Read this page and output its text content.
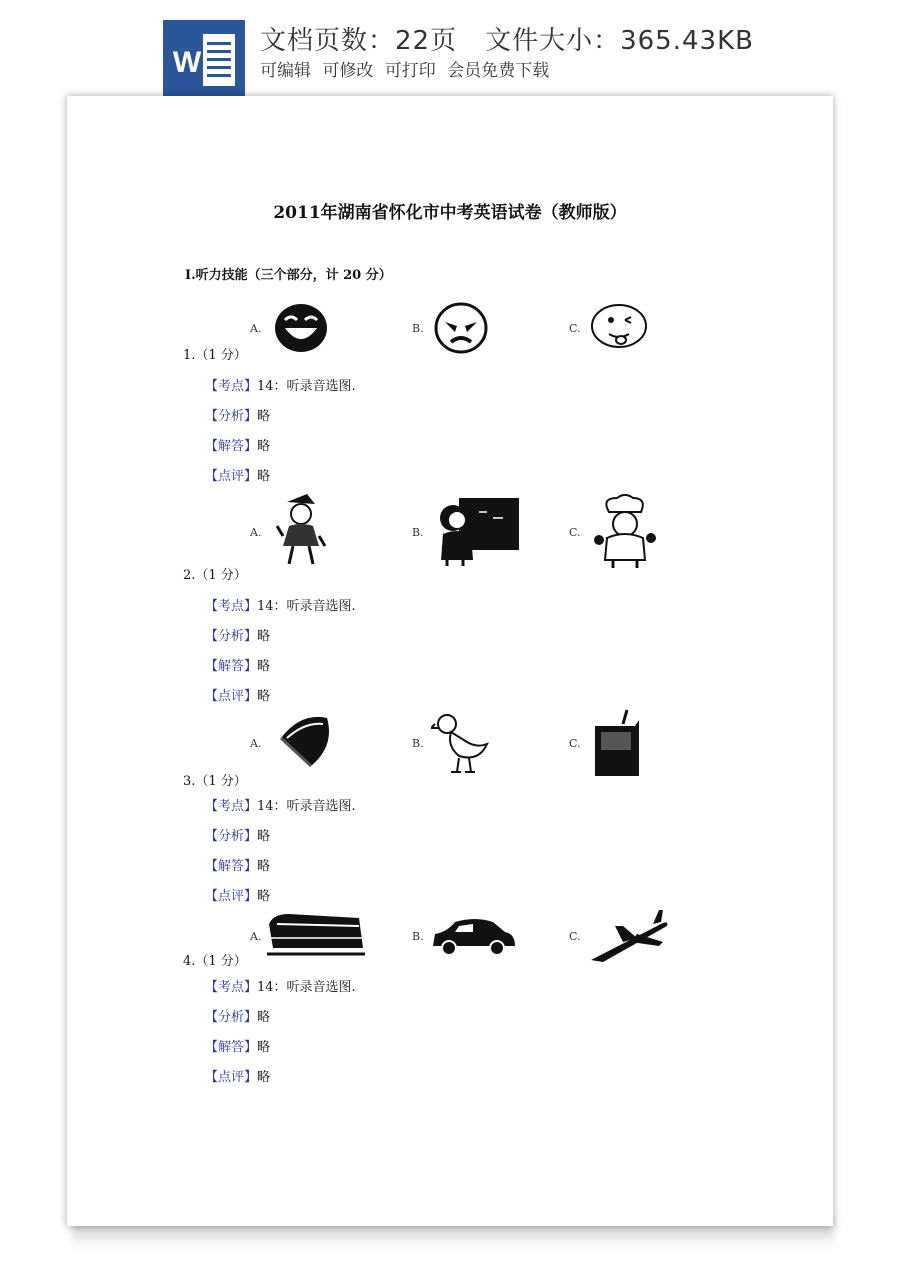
W
文档页数：22页 文件大小：365.43KB
可编辑 可修改 可打印 会员免费下载
2011年湖南省怀化市中考英语试卷（教师版）
Ⅰ.听力技能（三个部分，计 20 分）
A.	B.	C.
1.（1 分）
【考点】14：听录音选图.
【分析】略
【解答】略
【点评】略
A.	B.	C.
2.（1 分）
【考点】14：听录音选图.
【分析】略
【解答】略
【点评】略
A.	B.	C.
3.（1 分）
【考点】14：听录音选图.
【分析】略
【解答】略
【点评】略
A.	B.	C.
4.（1 分）
【考点】14：听录音选图.
【分析】略
【解答】略
【点评】略
